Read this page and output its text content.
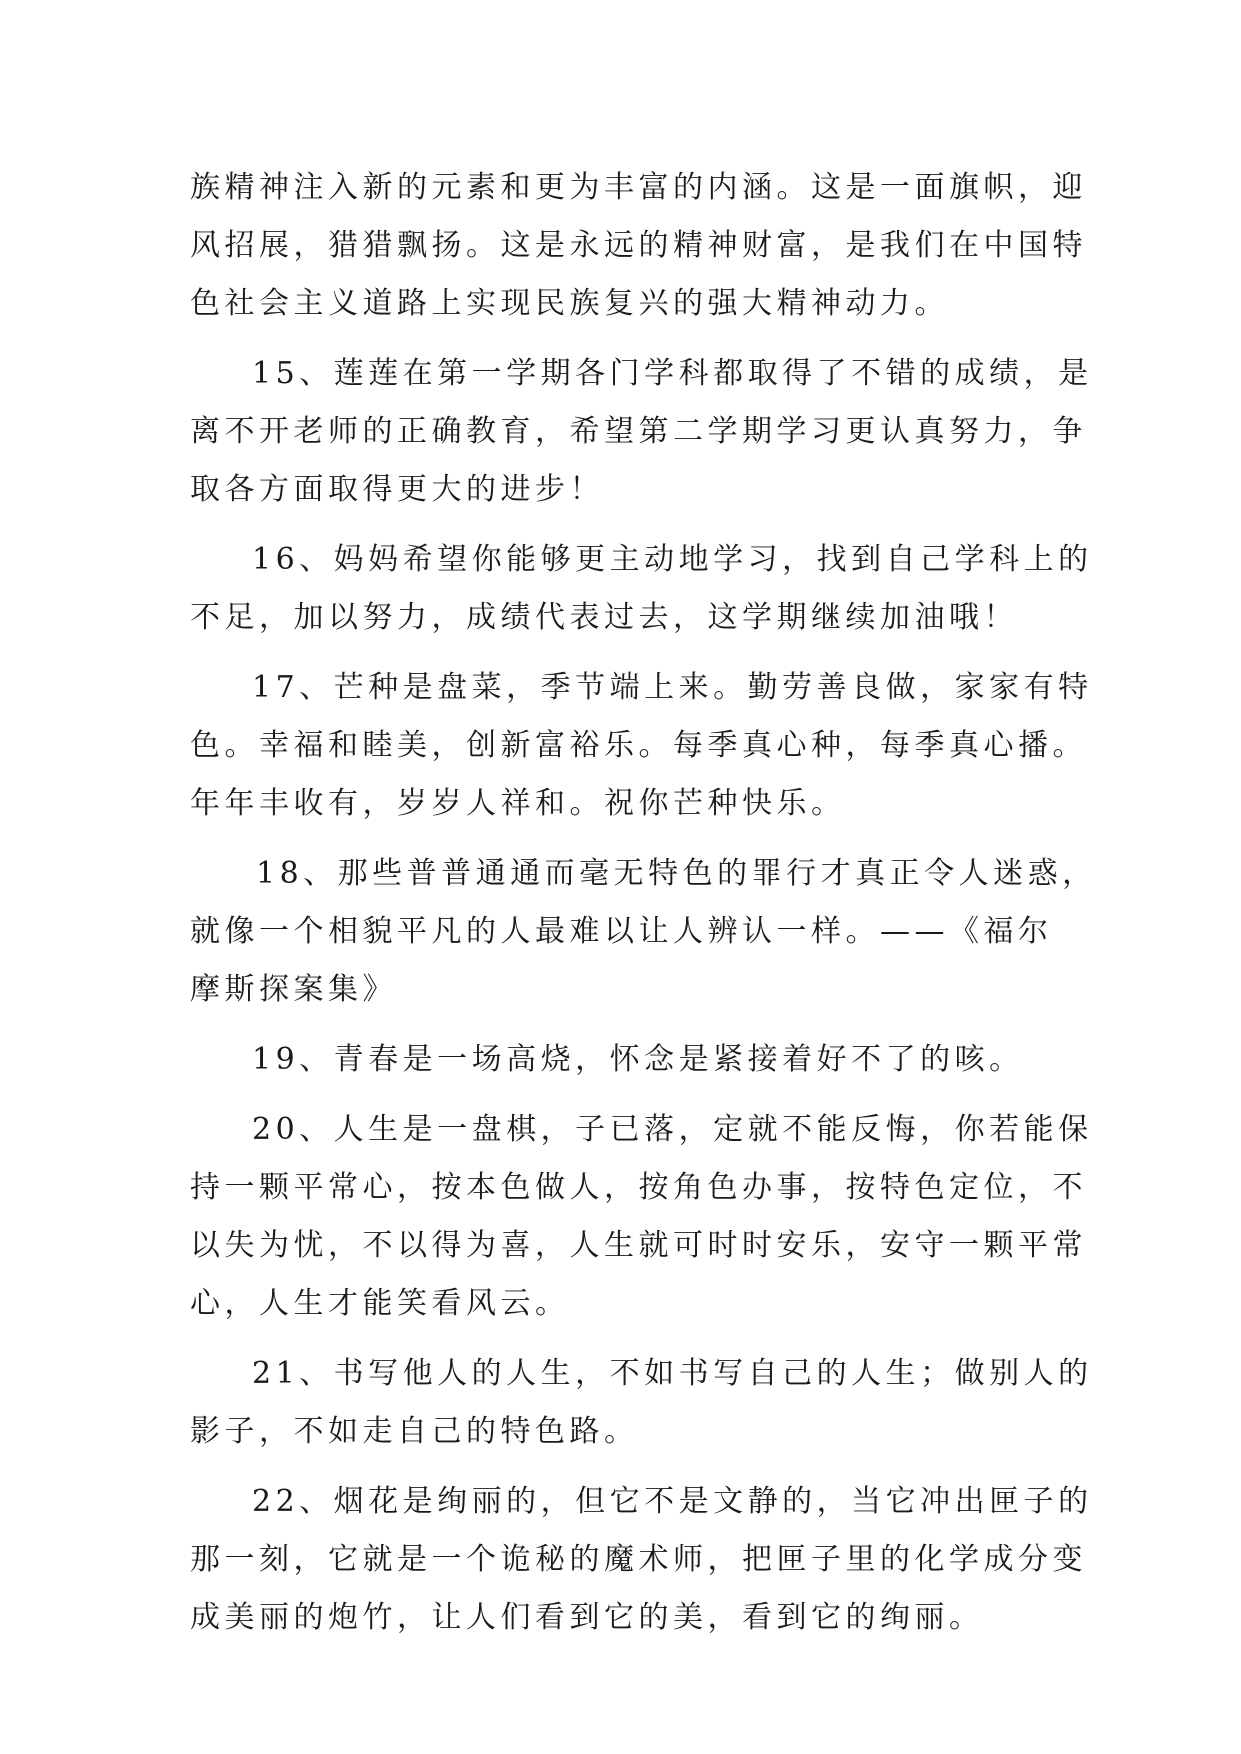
族精神注入新的元素和更为丰富的内涵。这是一面旗帜，迎
风招展，猎猎飘扬。这是永远的精神财富，是我们在中国特
色社会主义道路上实现民族复兴的强大精神动力。

15、莲莲在第一学期各门学科都取得了不错的成绩，是
离不开老师的正确教育，希望第二学期学习更认真努力，争
取各方面取得更大的进步！

16、妈妈希望你能够更主动地学习，找到自己学科上的
不足，加以努力，成绩代表过去，这学期继续加油哦！

17、芒种是盘菜，季节端上来。勤劳善良做，家家有特
色。幸福和睦美，创新富裕乐。每季真心种，每季真心播。
年年丰收有，岁岁人祥和。祝你芒种快乐。

18、那些普普通通而毫无特色的罪行才真正令人迷惑，
就像一个相貌平凡的人最难以让人辨认一样。——《福尔
摩斯探案集》

19、青春是一场高烧，怀念是紧接着好不了的咳。

20、人生是一盘棋，子已落，定就不能反悔，你若能保
持一颗平常心，按本色做人，按角色办事，按特色定位，不
以失为忧，不以得为喜，人生就可时时安乐，安守一颗平常
心，人生才能笑看风云。

21、书写他人的人生，不如书写自己的人生；做别人的
影子，不如走自己的特色路。

22、烟花是绚丽的，但它不是文静的，当它冲出匣子的
那一刻，它就是一个诡秘的魔术师，把匣子里的化学成分变
成美丽的炮竹，让人们看到它的美，看到它的绚丽。
